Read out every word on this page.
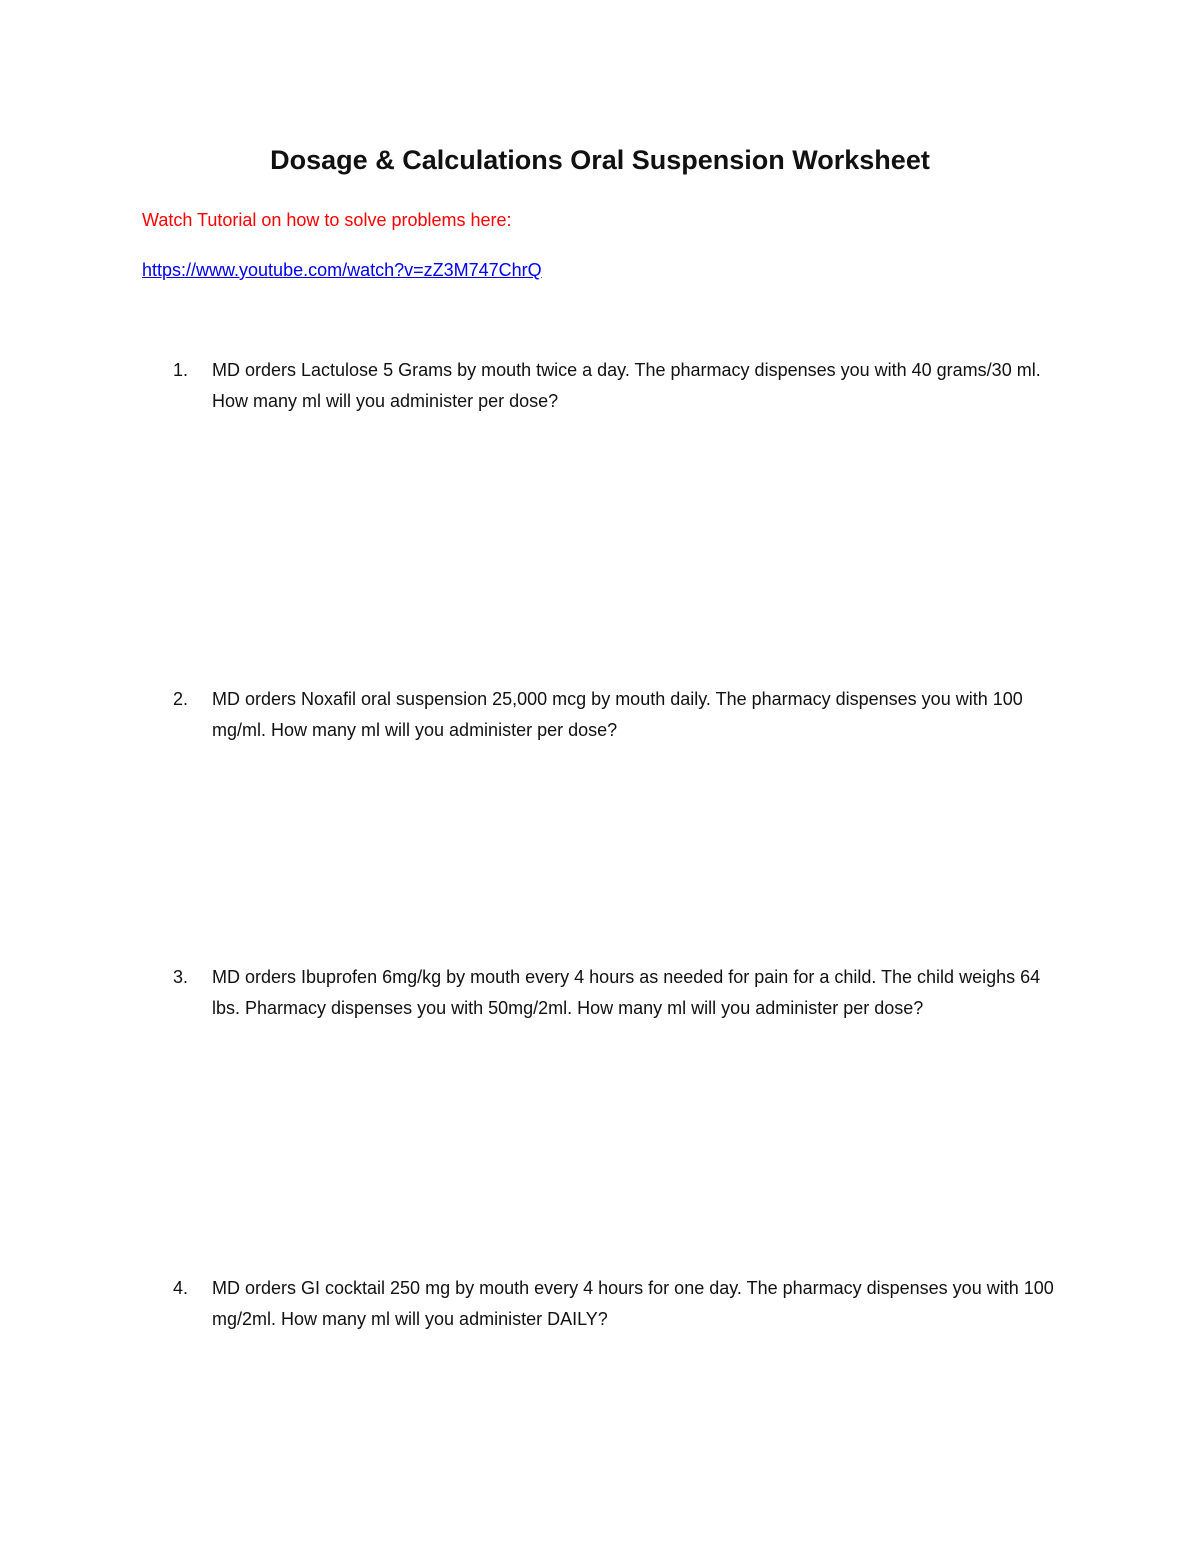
Dosage & Calculations Oral Suspension Worksheet
Watch Tutorial on how to solve problems here:
https://www.youtube.com/watch?v=zZ3M747ChrQ
1.	MD orders Lactulose 5 Grams by mouth twice a day. The pharmacy dispenses you with 40 grams/30 ml. How many ml will you administer per dose?
2.	MD orders Noxafil oral suspension 25,000 mcg by mouth daily. The pharmacy dispenses you with 100 mg/ml. How many ml will you administer per dose?
3.	MD orders Ibuprofen 6mg/kg by mouth every 4 hours as needed for pain for a child. The child weighs 64 lbs. Pharmacy dispenses you with 50mg/2ml. How many ml will you administer per dose?
4.	MD orders GI cocktail 250 mg by mouth every 4 hours for one day. The pharmacy dispenses you with 100 mg/2ml. How many ml will you administer DAILY?
